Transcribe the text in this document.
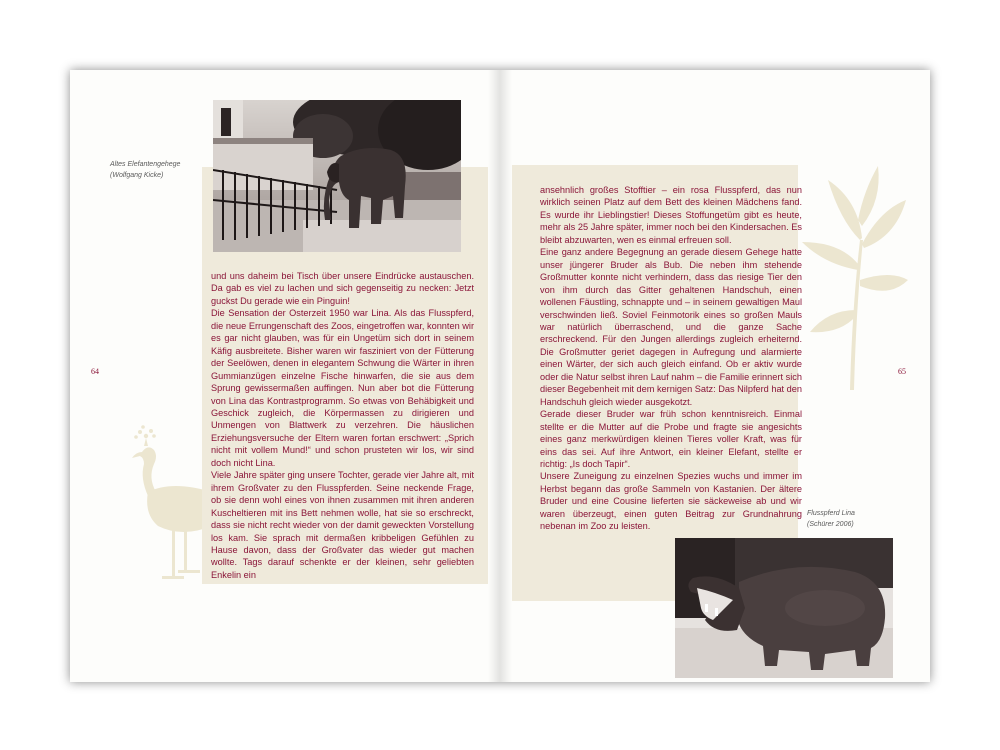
Altes Elefantengehege
(Wolfgang Kicke)
64
Flusspferd Lina
(Schürer 2006)
65

und uns daheim bei Tisch über unsere Eindrücke austauschen. Da gab es viel zu lachen und sich gegenseitig zu necken: Jetzt guckst Du gerade wie ein Pinguin!

Die Sensation der Osterzeit 1950 war Lina. Als das Flusspferd, die neue Errungenschaft des Zoos, eingetroffen war, konnten wir es gar nicht glauben, was für ein Ungetüm sich dort in seinem Käfig ausbreitete. Bisher waren wir fasziniert von der Fütterung der Seelöwen, denen in elegantem Schwung die Wärter in ihren Gummianzügen einzelne Fische hinwarfen, die sie aus dem Sprung gewissermaßen auffingen. Nun aber bot die Fütterung von Lina das Kontrastprogramm. So etwas von Behäbigkeit und Geschick zugleich, die Körpermassen zu dirigieren und Unmengen von Blattwerk zu verzehren. Die häuslichen Erziehungsversuche der Eltern waren fortan erschwert: „Sprich nicht mit vollem Mund!“ und schon prusteten wir los, wir sind doch nicht Lina.

Viele Jahre später ging unsere Tochter, gerade vier Jahre alt, mit ihrem Großvater zu den Flusspferden. Seine neckende Frage, ob sie denn wohl eines von ihnen zusammen mit ihren anderen Kuscheltieren mit ins Bett nehmen wolle, hat sie so erschreckt, dass sie nicht recht wieder von der damit geweckten Vorstellung los kam. Sie sprach mit dermaßen kribbeligen Gefühlen zu Hause davon, dass der Großvater das wieder gut machen wollte. Tags darauf schenkte er der kleinen, sehr geliebten Enkelin ein

ansehnlich großes Stofftier – ein rosa Flusspferd, das nun wirklich seinen Platz auf dem Bett des kleinen Mädchens fand. Es wurde ihr Lieblingstier! Dieses Stoffungetüm gibt es heute, mehr als 25 Jahre später, immer noch bei den Kindersachen. Es bleibt abzuwarten, wen es einmal erfreuen soll.

Eine ganz andere Begegnung an gerade diesem Gehege hatte unser jüngerer Bruder als Bub. Die neben ihm stehende Großmutter konnte nicht verhindern, dass das riesige Tier den von ihm durch das Gitter gehaltenen Handschuh, einen wollenen Fäustling, schnappte und – in seinem gewaltigen Maul verschwinden ließ. Soviel Feinmotorik eines so großen Mauls war natürlich überraschend, und die ganze Sache erschreckend. Für den Jungen allerdings zugleich erheiternd. Die Großmutter geriet dagegen in Aufregung und alarmierte einen Wärter, der sich auch gleich einfand. Ob er aktiv wurde oder die Natur selbst ihren Lauf nahm – die Familie erinnert sich dieser Begebenheit mit dem kernigen Satz: Das Nilpferd hat den Handschuh gleich wieder ausgekotzt.

Gerade dieser Bruder war früh schon kenntnisreich. Einmal stellte er die Mutter auf die Probe und fragte sie angesichts eines ganz merkwürdigen kleinen Tieres voller Kraft, was für eins das sei. Auf ihre Antwort, ein kleiner Elefant, stellte er richtig: „Is doch Tapir“.

Unsere Zuneigung zu einzelnen Spezies wuchs und immer im Herbst begann das große Sammeln von Kastanien. Der ältere Bruder und eine Cousine lieferten sie säckeweise ab und wir waren überzeugt, einen guten Beitrag zur Grundnahrung nebenan im Zoo zu leisten.
